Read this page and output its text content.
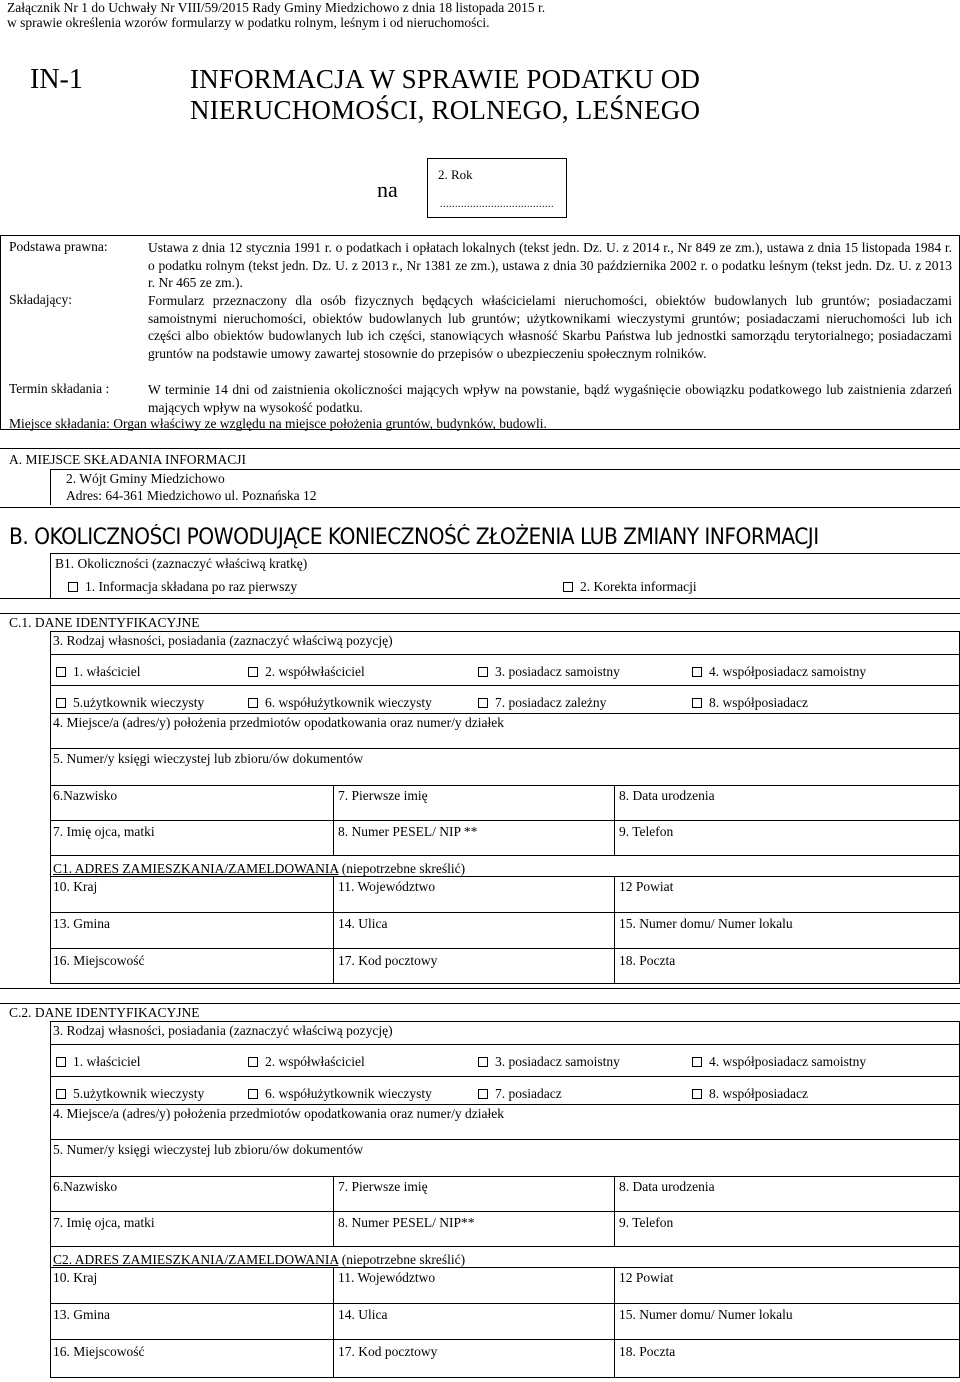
Załącznik Nr 1 do Uchwały Nr VIII/59/2015 Rady Gminy Miedzichowo z dnia 18 listopada 2015 r.
w sprawie określenia wzorów formularzy w podatku rolnym, leśnym i od nieruchomości.
IN-1	INFORMACJA W SPRAWIE PODATKU OD
NIERUCHOMOŚCI, ROLNEGO, LEŚNEGO
na
2. Rok
......................................
Podstawa prawna:	Ustawa z dnia 12 stycznia 1991 r. o podatkach i opłatach lokalnych (tekst jedn. Dz. U. z 2014 r., Nr 849 ze zm.), ustawa z dnia 15 listopada 1984 r. o podatku rolnym (tekst jedn. Dz. U. z 2013 r., Nr 1381 ze zm.), ustawa z dnia 30 października 2002 r. o podatku leśnym (tekst jedn. Dz. U. z 2013 r. Nr 465 ze zm.).
Składający:	Formularz przeznaczony dla osób fizycznych będących właścicielami nieruchomości, obiektów budowlanych lub gruntów; posiadaczami samoistnymi nieruchomości, obiektów budowlanych lub gruntów; użytkownikami wieczystymi gruntów; posiadaczami nieruchomości lub ich części albo obiektów budowlanych lub ich części, stanowiących własność Skarbu Państwa lub jednostki samorządu terytorialnego; posiadaczami gruntów na podstawie umowy zawartej stosownie do przepisów o ubezpieczeniu społecznym rolników.
Termin składania :	W terminie 14 dni od zaistnienia okoliczności mających wpływ na powstanie, bądź wygaśnięcie obowiązku podatkowego lub zaistnienia zdarzeń mających wpływ na wysokość podatku.
Miejsce składania: Organ właściwy ze względu na miejsce położenia gruntów, budynków, budowli.
A. MIEJSCE SKŁADANIA INFORMACJI
2. Wójt Gminy Miedzichowo
Adres: 64-361 Miedzichowo ul. Poznańska 12
B. OKOLICZNOŚCI POWODUJĄCE KONIECZNOŚĆ ZŁOŻENIA LUB ZMIANY INFORMACJI
B1. Okoliczności (zaznaczyć właściwą kratkę)
1. Informacja składana po raz pierwszy	2. Korekta informacji
C.1. DANE IDENTYFIKACYJNE
3. Rodzaj własności, posiadania (zaznaczyć właściwą pozycję)
1. właściciel	2. współwłaściciel	3. posiadacz samoistny	4. współposiadacz samoistny
5.użytkownik wieczysty	6. współużytkownik wieczysty	7. posiadacz zależny	8. współposiadacz
4. Miejsce/a (adres/y) położenia przedmiotów opodatkowania oraz numer/y działek
5. Numer/y księgi wieczystej lub zbioru/ów dokumentów
6.Nazwisko	7. Pierwsze imię	8. Data urodzenia
7. Imię ojca, matki	8. Numer PESEL/ NIP **	9. Telefon
C1. ADRES ZAMIESZKANIA/ZAMELDOWANIA (niepotrzebne skreślić)
10. Kraj	11. Województwo	12 Powiat
13. Gmina	14. Ulica	15. Numer domu/ Numer lokalu
16. Miejscowość	17. Kod pocztowy	18. Poczta
C.2. DANE IDENTYFIKACYJNE
3. Rodzaj własności, posiadania (zaznaczyć właściwą pozycję)
1. właściciel	2. współwłaściciel	3. posiadacz samoistny	4. współposiadacz samoistny
5.użytkownik wieczysty	6. współużytkownik wieczysty	7. posiadacz	8. współposiadacz
4. Miejsce/a (adres/y) położenia przedmiotów opodatkowania oraz numer/y działek
5. Numer/y księgi wieczystej lub zbioru/ów dokumentów
6.Nazwisko	7. Pierwsze imię	8. Data urodzenia
7. Imię ojca, matki	8. Numer PESEL/ NIP**	9. Telefon
C2. ADRES ZAMIESZKANIA/ZAMELDOWANIA (niepotrzebne skreślić)
10. Kraj	11. Województwo	12 Powiat
13. Gmina	14. Ulica	15. Numer domu/ Numer lokalu
16. Miejscowość	17. Kod pocztowy	18. Poczta
